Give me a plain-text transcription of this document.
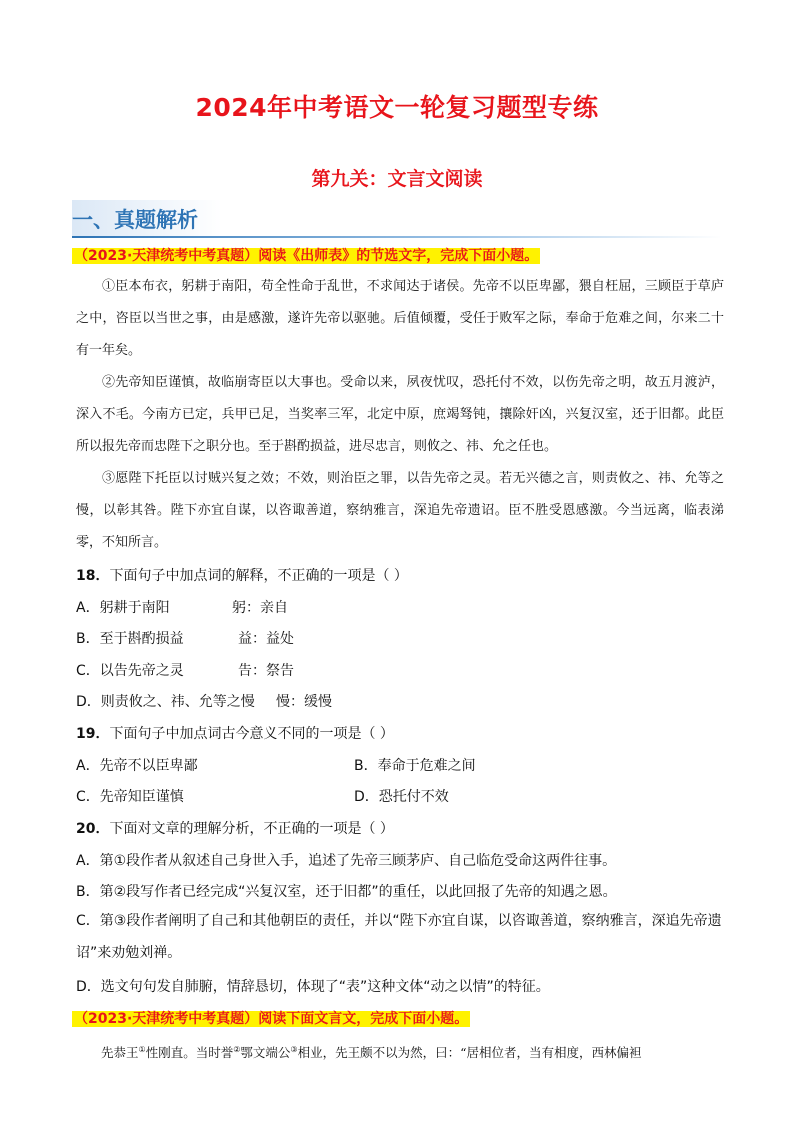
2024年中考语文一轮复习题型专练
第九关：文言文阅读
一、真题解析
（2023·天津统考中考真题）阅读《出师表》的节选文字，完成下面小题。
①臣本布衣，躬耕于南阳，苟全性命于乱世，不求闻达于诸侯。先帝不以臣卑鄙，猥自枉屈，三顾臣于草庐之中，咨臣以当世之事，由是感激，遂许先帝以驱驰。后值倾覆，受任于败军之际，奉命于危难之间，尔来二十有一年矣。
②先帝知臣谨慎，故临崩寄臣以大事也。受命以来，夙夜忧叹，恐托付不效，以伤先帝之明，故五月渡泸，深入不毛。今南方已定，兵甲已足，当奖率三军，北定中原，庶竭驽钝，攘除奸凶，兴复汉室，还于旧都。此臣所以报先帝而忠陛下之职分也。至于斟酌损益，进尽忠言，则攸之、祎、允之任也。
③愿陛下托臣以讨贼兴复之效；不效，则治臣之罪，以告先帝之灵。若无兴德之言，则责攸之、祎、允等之慢，以彰其咎。陛下亦宜自谋，以咨诹善道，察纳雅言，深追先帝遗诏。臣不胜受恩感激。今当远离，临表涕零，不知所言。
18．下面句子中加点词的解释，不正确的一项是（ ）
A．躬耕于南阳	躬：亲自
B．至于斟酌损益	益：益处
C．以告先帝之灵	告：祭告
D．则责攸之、祎、允等之慢 慢：缓慢
19．下面句子中加点词古今意义不同的一项是（ ）
A．先帝不以臣卑鄙	B．奉命于危难之间
C．先帝知臣谨慎	D．恐托付不效
20．下面对文章的理解分析，不正确的一项是（ ）
A．第①段作者从叙述自己身世入手，追述了先帝三顾茅庐、自己临危受命这两件往事。
B．第②段写作者已经完成“兴复汉室，还于旧都”的重任，以此回报了先帝的知遇之恩。
C．第③段作者阐明了自己和其他朝臣的责任，并以“陛下亦宜自谋，以咨诹善道，察纳雅言，深追先帝遗诏”来劝勉刘禅。
D．选文句句发自肺腑，情辞恳切，体现了“表”这种文体“动之以情”的特征。
（2023·天津统考中考真题）阅读下面文言文，完成下面小题。
先恭王①性刚直。当时誉②鄂文端公③相业，先王颇不以为然，曰：“居相位者，当有相度，西林偏袒
